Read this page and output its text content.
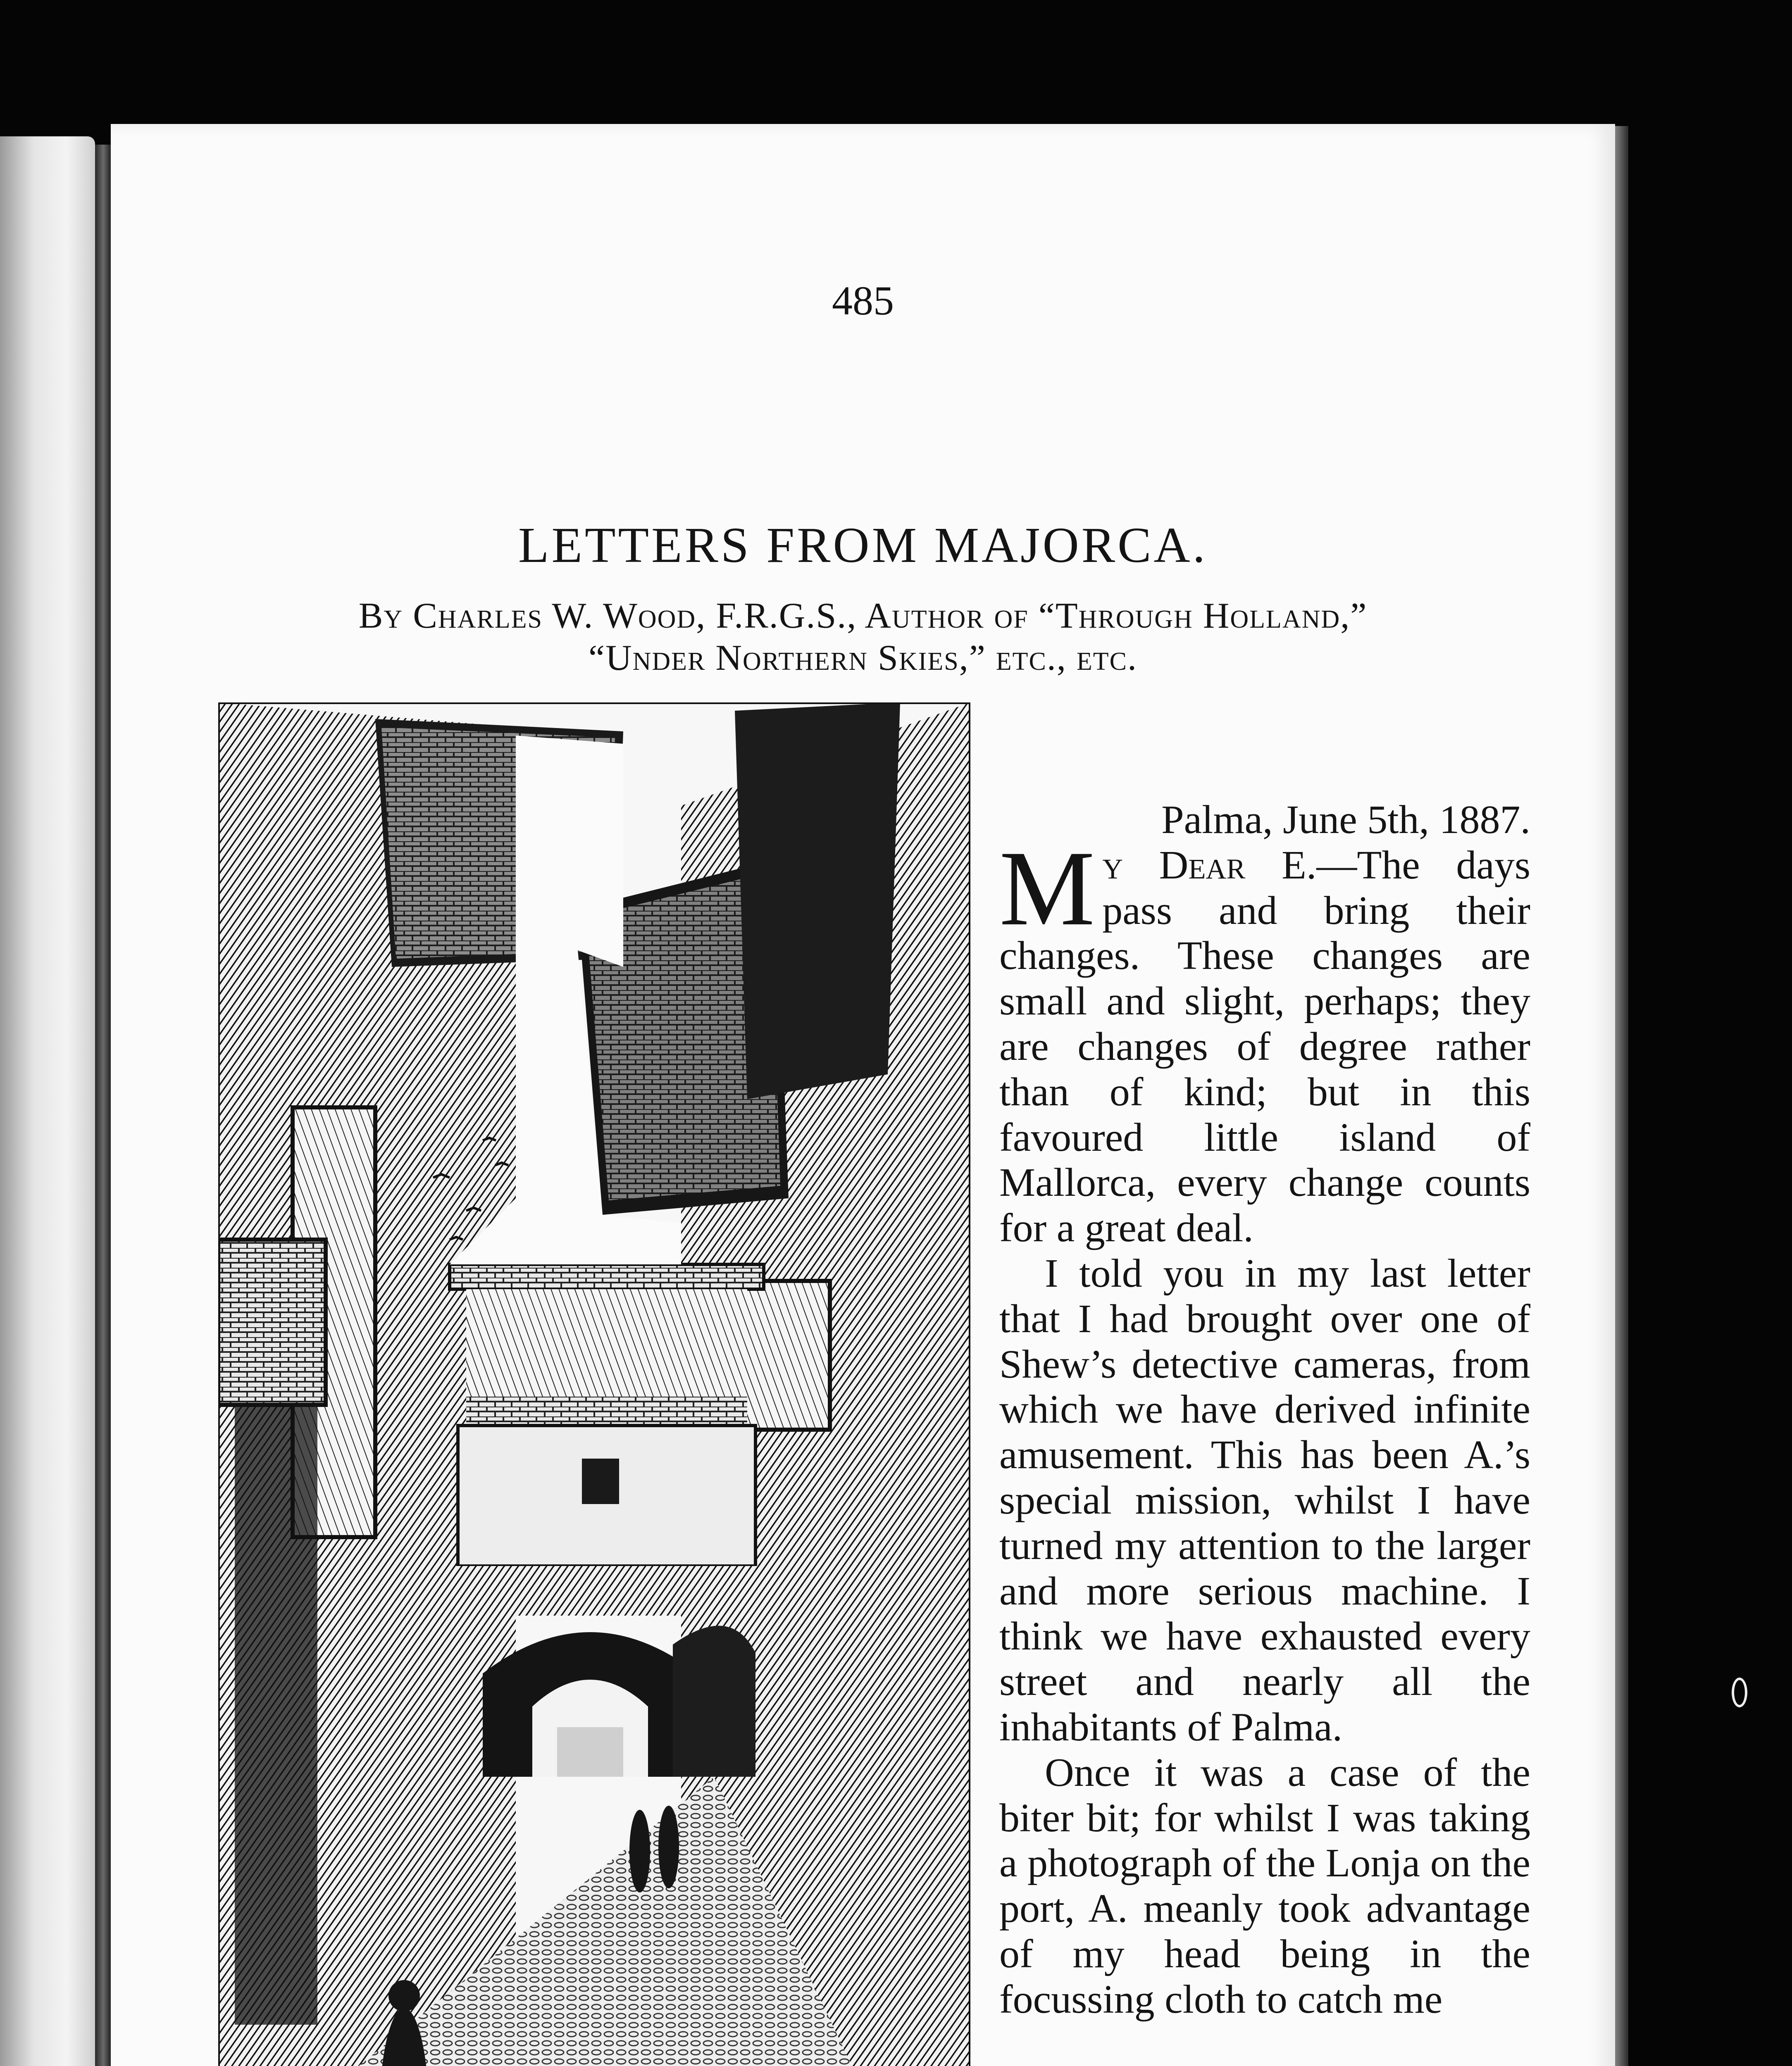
485
LETTERS FROM MAJORCA.
By Charles W. Wood, F.R.G.S., Author of “Through Holland,”
“Under Northern Skies,” etc., etc.
Palma, June 5th, 1887.

My Dear E.—The days pass and bring their changes. These changes are small and slight, perhaps; they are changes of degree rather than of kind; but in this favoured little island of Mallorca, every change counts for a great deal.

I told you in my last letter that I had brought over one of Shew’s detective cameras, from which we have derived infinite amusement. This has been A.’s special mission, whilst I have turned my attention to the larger and more serious machine. I think we have exhausted every street and nearly all the inhabitants of Palma.

Once it was a case of the biter bit; for whilst I was taking a photograph of the Lonja on the port, A. meanly took advantage of my head being in the focussing cloth to catch me
